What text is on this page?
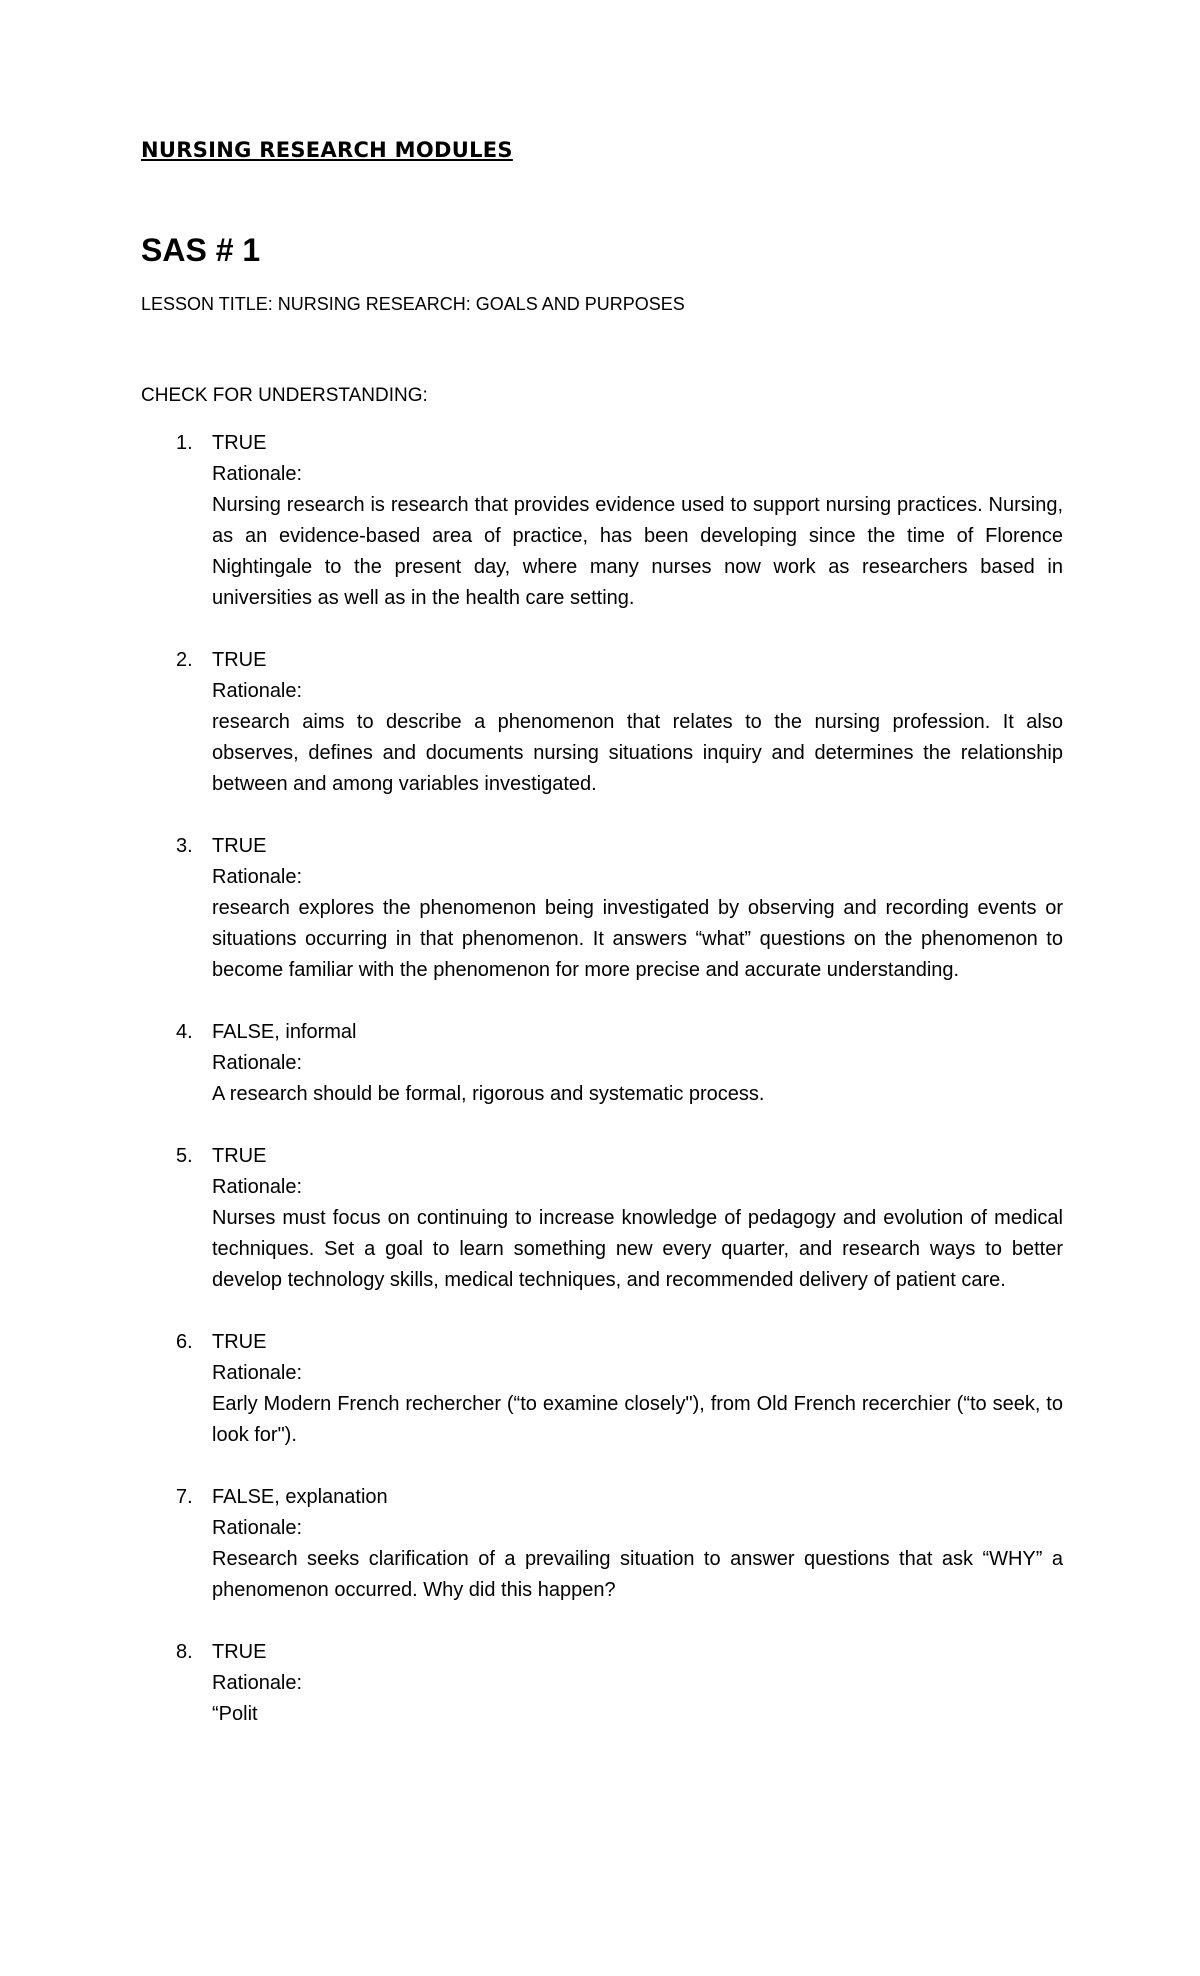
NURSING RESEARCH MODULES
SAS # 1
LESSON TITLE: NURSING RESEARCH: GOALS AND PURPOSES
CHECK FOR UNDERSTANDING:
1. TRUE
Rationale:
Nursing research is research that provides evidence used to support nursing practices. Nursing, as an evidence-based area of practice, has been developing since the time of Florence Nightingale to the present day, where many nurses now work as researchers based in universities as well as in the health care setting.
2. TRUE
Rationale:
research aims to describe a phenomenon that relates to the nursing profession. It also observes, defines and documents nursing situations inquiry and determines the relationship between and among variables investigated.
3. TRUE
Rationale:
research explores the phenomenon being investigated by observing and recording events or situations occurring in that phenomenon. It answers “what” questions on the phenomenon to become familiar with the phenomenon for more precise and accurate understanding.
4. FALSE, informal
Rationale:
A research should be formal, rigorous and systematic process.
5. TRUE
Rationale:
Nurses must focus on continuing to increase knowledge of pedagogy and evolution of medical techniques. Set a goal to learn something new every quarter, and research ways to better develop technology skills, medical techniques, and recommended delivery of patient care.
6. TRUE
Rationale:
Early Modern French rechercher (“to examine closely"), from Old French recerchier (“to seek, to look for").
7. FALSE, explanation
Rationale:
Research seeks clarification of a prevailing situation to answer questions that ask “WHY” a phenomenon occurred. Why did this happen?
8. TRUE
Rationale:
“Polit
